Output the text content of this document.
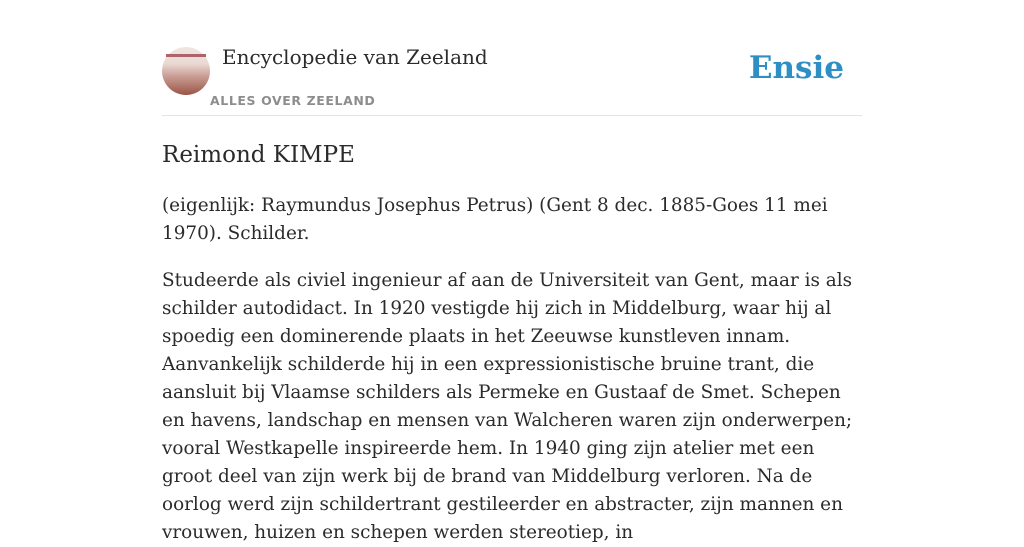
Encyclopedie van Zeeland
ALLES OVER ZEELAND
Ensie
Reimond KIMPE

(eigenlijk: Raymundus Josephus Petrus) (Gent 8 dec. 1885-Goes 11 mei 1970). Schilder.

Studeerde als civiel ingenieur af aan de Universiteit van Gent, maar is als schilder autodidact. In 1920 vestigde hij zich in Middelburg, waar hij al spoedig een dominerende plaats in het Zeeuwse kunstleven innam. Aanvankelijk schilderde hij in een expressionistische bruine trant, die aansluit bij Vlaamse schilders als Permeke en Gustaaf de Smet. Schepen en havens, landschap en mensen van Walcheren waren zijn onderwerpen; vooral Westkapelle inspireerde hem. In 1940 ging zijn atelier met een groot deel van zijn werk bij de brand van Middelburg verloren. Na de oorlog werd zijn schildertrant gestileerder en abstracter, zijn mannen en vrouwen, huizen en schepen werden stereotiep, in
